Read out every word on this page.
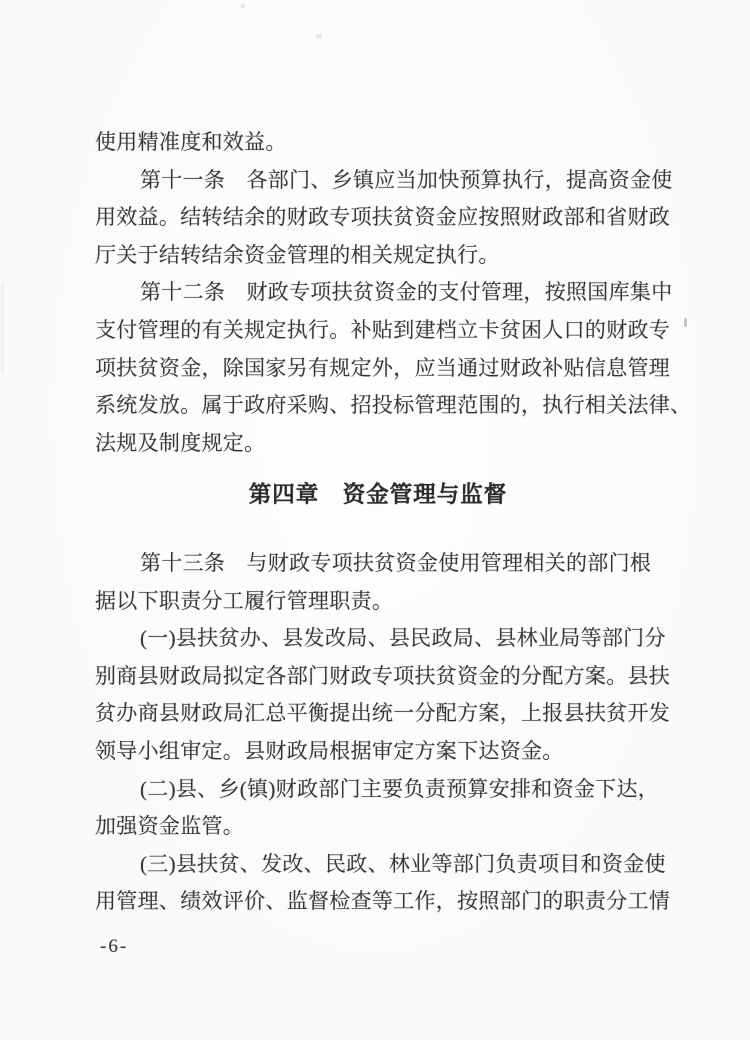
使用精准度和效益。
第十一条　各部门、乡镇应当加快预算执行，提高资金使
用效益。结转结余的财政专项扶贫资金应按照财政部和省财政
厅关于结转结余资金管理的相关规定执行。
第十二条　财政专项扶贫资金的支付管理，按照国库集中
支付管理的有关规定执行。补贴到建档立卡贫困人口的财政专
项扶贫资金，除国家另有规定外，应当通过财政补贴信息管理
系统发放。属于政府采购、招投标管理范围的，执行相关法律、
法规及制度规定。
第四章　资金管理与监督
第十三条　与财政专项扶贫资金使用管理相关的部门根
据以下职责分工履行管理职责。
(一)县扶贫办、县发改局、县民政局、县林业局等部门分
别商县财政局拟定各部门财政专项扶贫资金的分配方案。县扶
贫办商县财政局汇总平衡提出统一分配方案，上报县扶贫开发
领导小组审定。县财政局根据审定方案下达资金。
(二)县、乡(镇)财政部门主要负责预算安排和资金下达，
加强资金监管。
(三)县扶贫、发改、民政、林业等部门负责项目和资金使
用管理、绩效评价、监督检查等工作，按照部门的职责分工情
-6-
